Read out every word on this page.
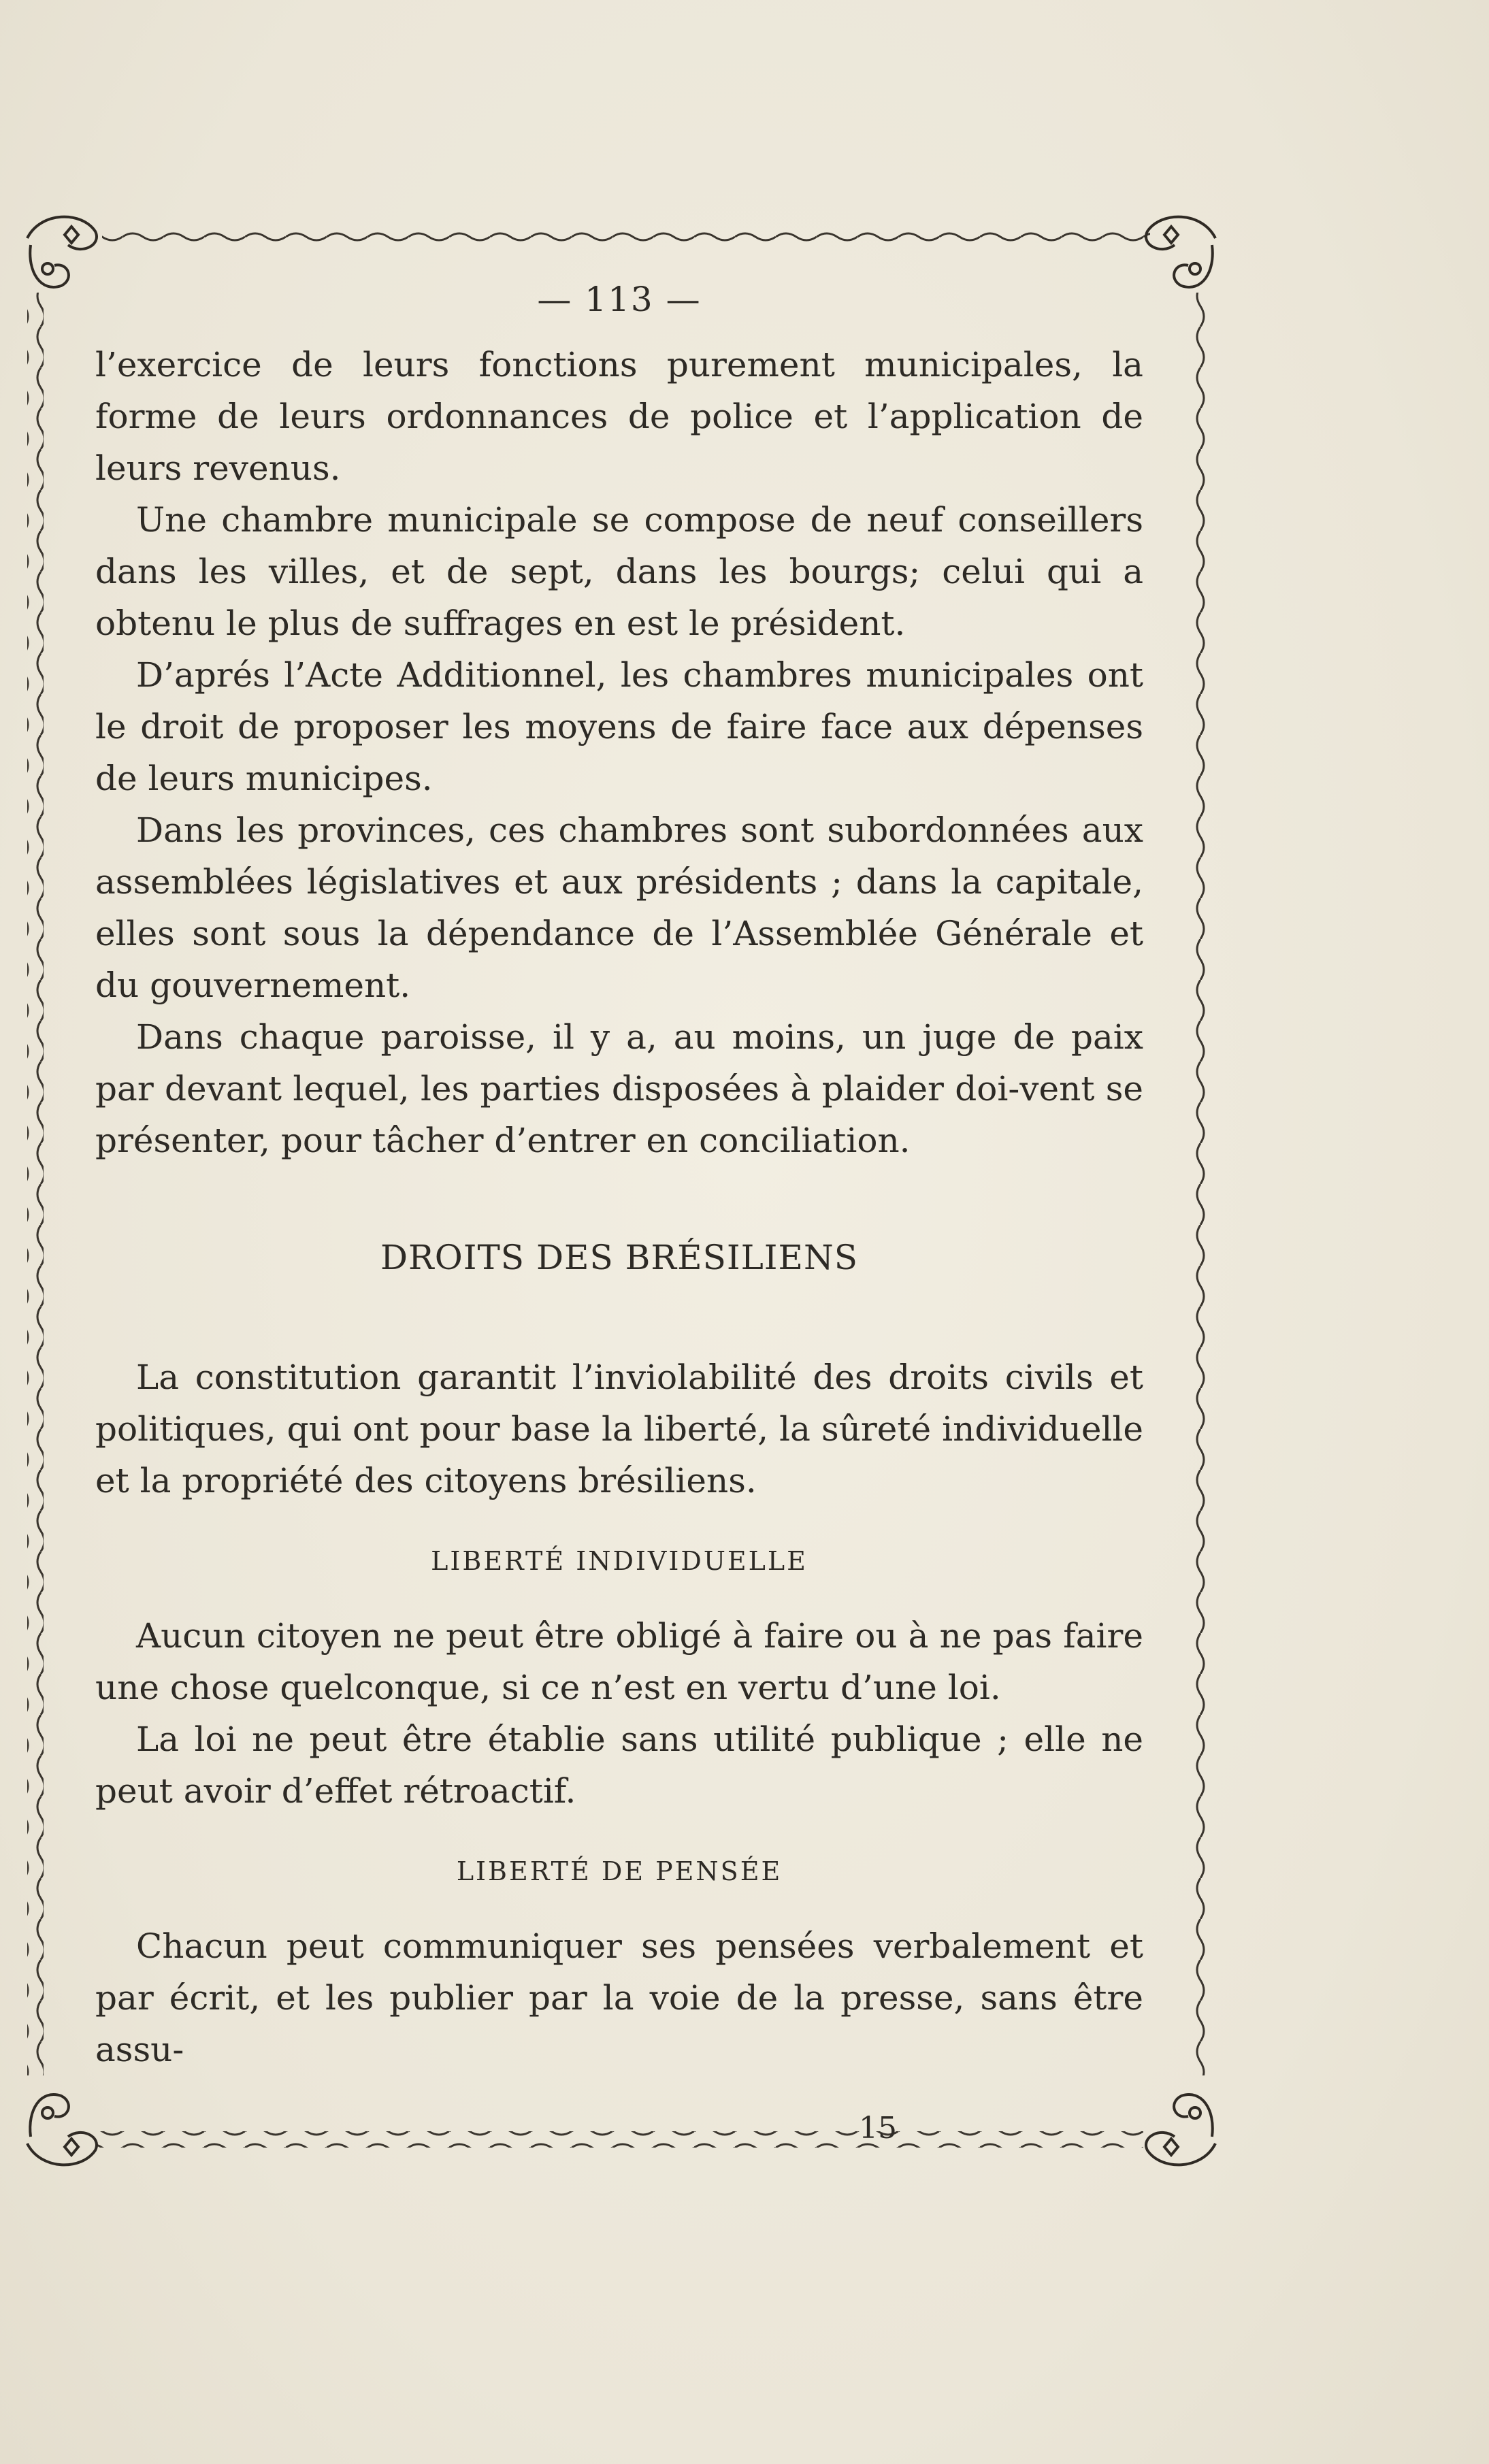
— 113 —

l’exercice de leurs fonctions purement municipales, la forme de leurs ordonnances de police et l’application de leurs revenus.

Une chambre municipale se compose de neuf conseillers dans les villes, et de sept, dans les bourgs; celui qui a obtenu le plus de suffrages en est le président.

D’aprés l’Acte Additionnel, les chambres municipales ont le droit de proposer les moyens de faire face aux dépenses de leurs municipes.

Dans les provinces, ces chambres sont subordonnées aux assemblées législatives et aux présidents ; dans la capitale, elles sont sous la dépendance de l’Assemblée Générale et du gouvernement.

Dans chaque paroisse, il y a, au moins, un juge de paix par devant lequel, les parties disposées à plaider doi-vent se présenter, pour tâcher d’entrer en conciliation.

DROITS DES BRÉSILIENS

La constitution garantit l’inviolabilité des droits civils et politiques, qui ont pour base la liberté, la sûreté individuelle et la propriété des citoyens brésiliens.

LIBERTÉ INDIVIDUELLE

Aucun citoyen ne peut être obligé à faire ou à ne pas faire une chose quelconque, si ce n’est en vertu d’une loi.

La loi ne peut être établie sans utilité publique ; elle ne peut avoir d’effet rétroactif.

LIBERTÉ DE PENSÉE

Chacun peut communiquer ses pensées verbalement et par écrit, et les publier par la voie de la presse, sans être assu-

15
